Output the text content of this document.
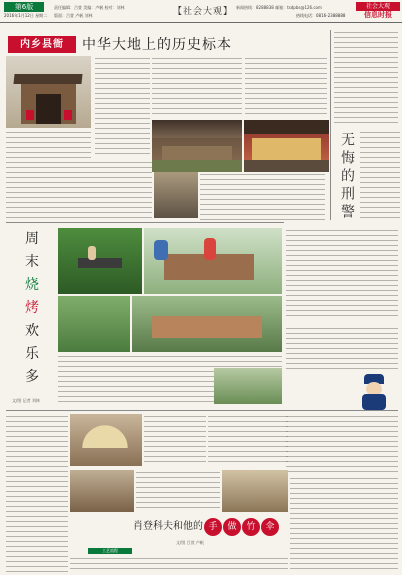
第6版
2016年1月12日 星期二
责任编辑：吕萱 美编：卢帆 校对：刘林
版面：吕萱 卢帆 刘林	【社会大观】 新闻热线：8288838 邮箱：tsdpbs@126.com
热线电话：0816-2388888
社会大观
信息时报
内乡县衙	中华大地上的历史标本
无悔的刑警
周
末
烧
烤
欢
乐
多
文/图 记者 刘林
肖登科夫和他的 手 做 竹 伞
文/图 吕萱 卢帆
工艺流程
